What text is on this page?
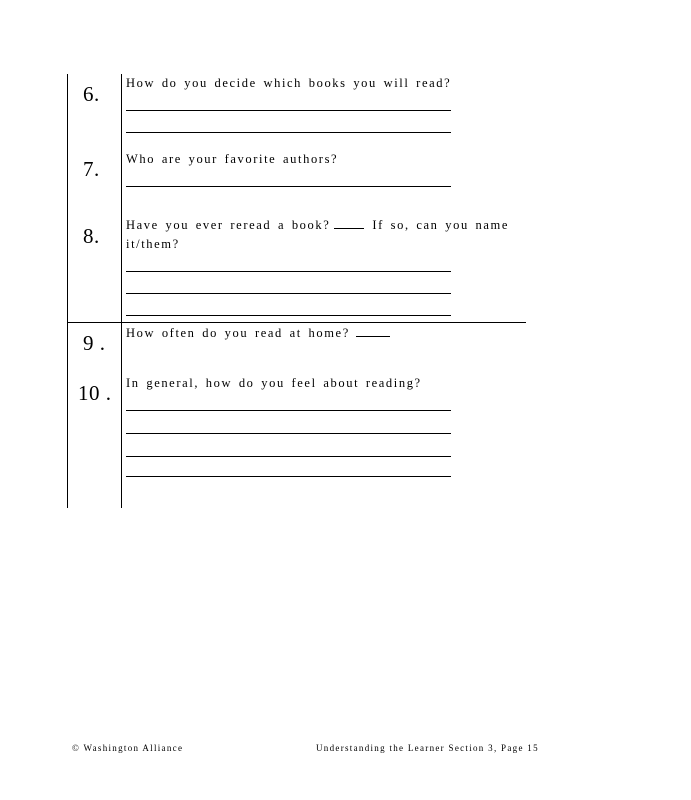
6. How do you decide which books you will read?
7. Who are your favorite authors?
8. Have you ever reread a book?	If so, can you name
it/them?
9 . How often do you read at home?
10 . In general, how do you feel about reading?
© Washington Alliance	Understanding the Learner Section 3, Page 15
